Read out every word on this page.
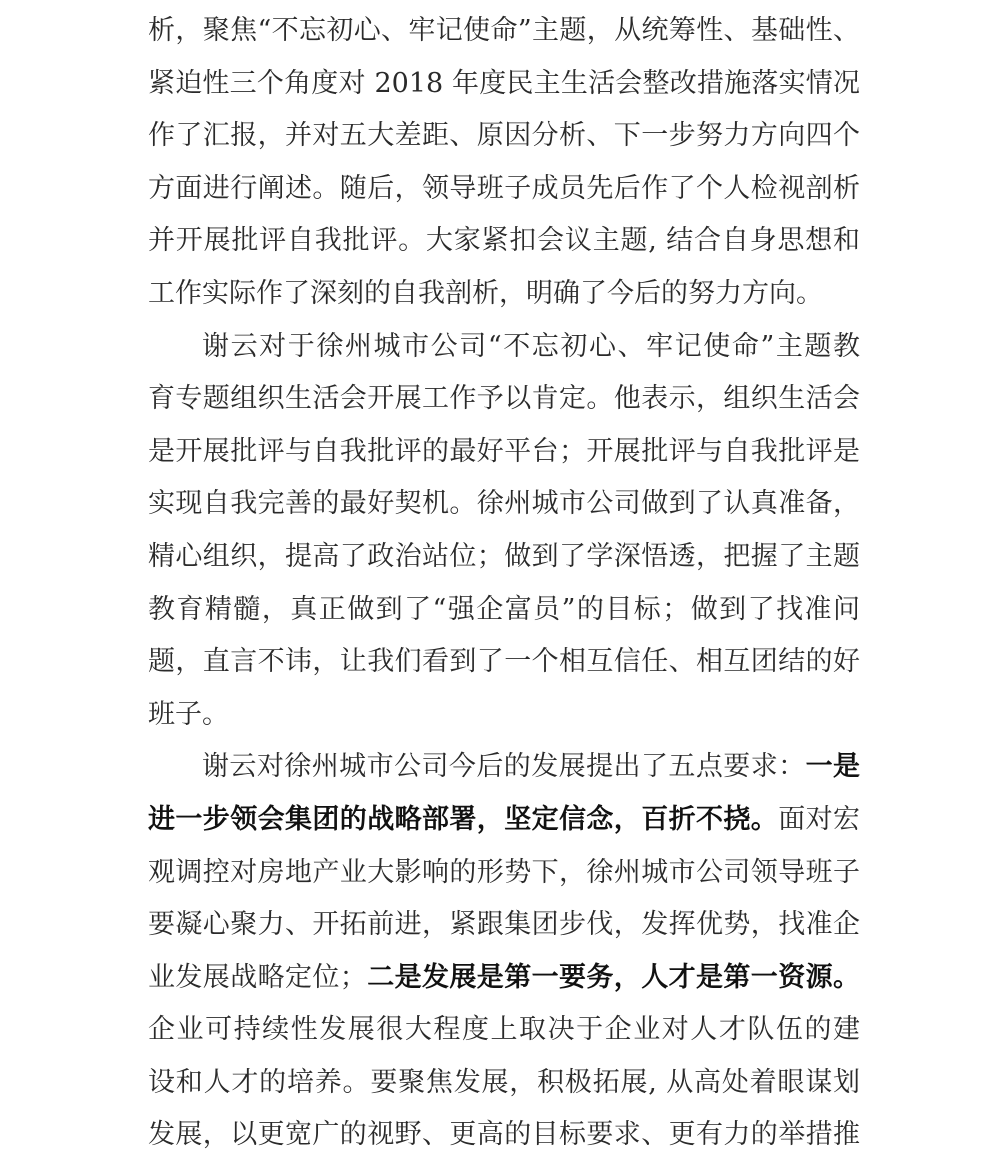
析，聚焦“不忘初心、牢记使命”主题，从统筹性、基础性、
紧迫性三个角度对 2018 年度民主生活会整改措施落实情况
作了汇报，并对五大差距、原因分析、下一步努力方向四个
方面进行阐述。随后，领导班子成员先后作了个人检视剖析
并开展批评自我批评。大家紧扣会议主题, 结合自身思想和
工作实际作了深刻的自我剖析，明确了今后的努力方向。
谢云对于徐州城市公司“不忘初心、牢记使命”主题教
育专题组织生活会开展工作予以肯定。他表示，组织生活会
是开展批评与自我批评的最好平台；开展批评与自我批评是
实现自我完善的最好契机。徐州城市公司做到了认真准备，
精心组织，提高了政治站位；做到了学深悟透，把握了主题
教育精髓，真正做到了“强企富员”的目标；做到了找准问
题，直言不讳，让我们看到了一个相互信任、相互团结的好
班子。
谢云对徐州城市公司今后的发展提出了五点要求：一是
进一步领会集团的战略部署，坚定信念，百折不挠。面对宏
观调控对房地产业大影响的形势下，徐州城市公司领导班子
要凝心聚力、开拓前进，紧跟集团步伐，发挥优势，找准企
业发展战略定位；二是发展是第一要务，人才是第一资源。
企业可持续性发展很大程度上取决于企业对人才队伍的建
设和人才的培养。要聚焦发展，积极拓展, 从高处着眼谋划
发展，以更宽广的视野、更高的目标要求、更有力的举措推
